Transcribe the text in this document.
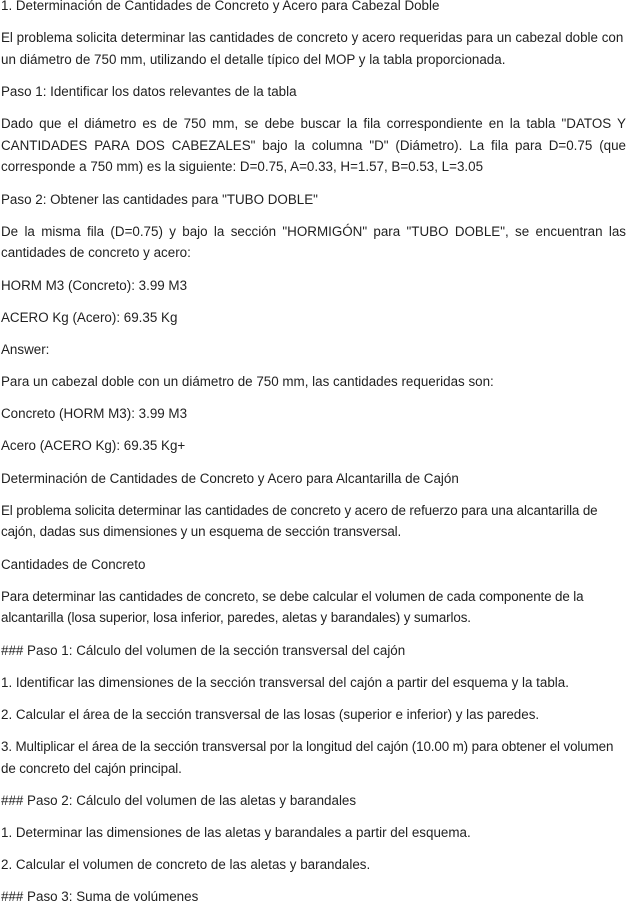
1. Determinación de Cantidades de Concreto y Acero para Cabezal Doble

El problema solicita determinar las cantidades de concreto y acero requeridas para un cabezal doble con un diámetro de 750 mm, utilizando el detalle típico del MOP y la tabla proporcionada.

Paso 1: Identificar los datos relevantes de la tabla

Dado que el diámetro es de 750 mm, se debe buscar la fila correspondiente en la tabla "DATOS Y CANTIDADES PARA DOS CABEZALES" bajo la columna "D" (Diámetro). La fila para D=0.75 (que corresponde a 750 mm) es la siguiente: D=0.75, A=0.33, H=1.57, B=0.53, L=3.05

Paso 2: Obtener las cantidades para "TUBO DOBLE"

De la misma fila (D=0.75) y bajo la sección "HORMIGÓN" para "TUBO DOBLE", se encuentran las cantidades de concreto y acero:

HORM M3 (Concreto): 3.99 M3

ACERO Kg (Acero): 69.35 Kg

Answer:

Para un cabezal doble con un diámetro de 750 mm, las cantidades requeridas son:

Concreto (HORM M3): 3.99 M3

Acero (ACERO Kg): 69.35 Kg+

Determinación de Cantidades de Concreto y Acero para Alcantarilla de Cajón

El problema solicita determinar las cantidades de concreto y acero de refuerzo para una alcantarilla de cajón, dadas sus dimensiones y un esquema de sección transversal.

Cantidades de Concreto

Para determinar las cantidades de concreto, se debe calcular el volumen de cada componente de la alcantarilla (losa superior, losa inferior, paredes, aletas y barandales) y sumarlos.

### Paso 1: Cálculo del volumen de la sección transversal del cajón

1. Identificar las dimensiones de la sección transversal del cajón a partir del esquema y la tabla.

2. Calcular el área de la sección transversal de las losas (superior e inferior) y las paredes.

3. Multiplicar el área de la sección transversal por la longitud del cajón (10.00 m) para obtener el volumen de concreto del cajón principal.

### Paso 2: Cálculo del volumen de las aletas y barandales

1. Determinar las dimensiones de las aletas y barandales a partir del esquema.

2. Calcular el volumen de concreto de las aletas y barandales.

### Paso 3: Suma de volúmenes
